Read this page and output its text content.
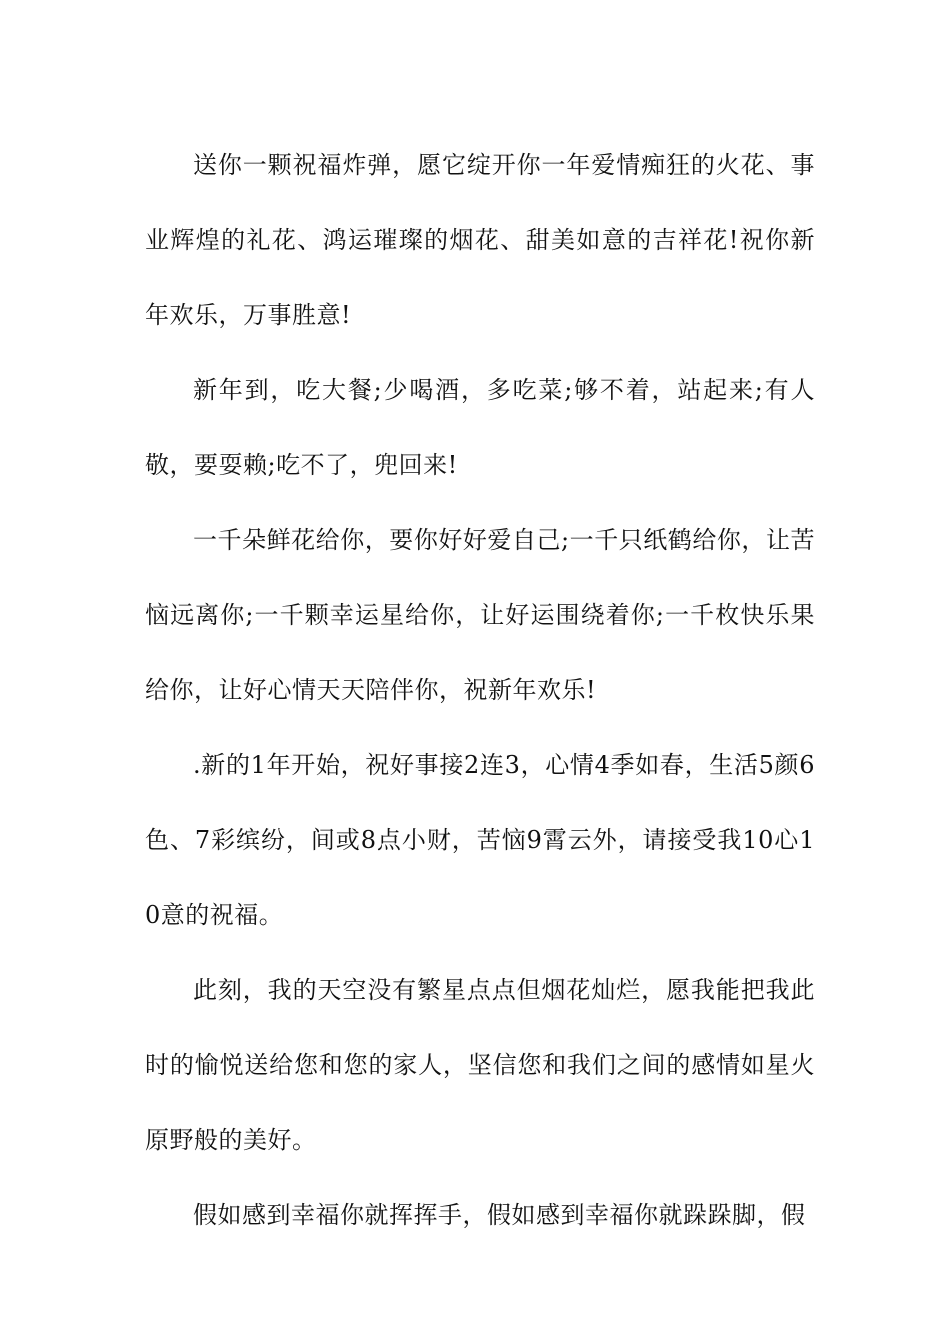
送你一颗祝福炸弹，愿它绽开你一年爱情痴狂的火花、事业辉煌的礼花、鸿运璀璨的烟花、甜美如意的吉祥花!祝你新年欢乐，万事胜意!

新年到，吃大餐;少喝酒，多吃菜;够不着，站起来;有人敬，要耍赖;吃不了，兜回来!

一千朵鲜花给你，要你好好爱自己;一千只纸鹤给你，让苦恼远离你;一千颗幸运星给你，让好运围绕着你;一千枚快乐果给你，让好心情天天陪伴你，祝新年欢乐!

.新的1年开始，祝好事接2连3，心情4季如春，生活5颜6色、7彩缤纷，间或8点小财，苦恼9霄云外，请接受我10心10意的祝福。

此刻，我的天空没有繁星点点但烟花灿烂，愿我能把我此时的愉悦送给您和您的家人，坚信您和我们之间的感情如星火原野般的美好。

假如感到幸福你就挥挥手，假如感到幸福你就跺跺脚，假
